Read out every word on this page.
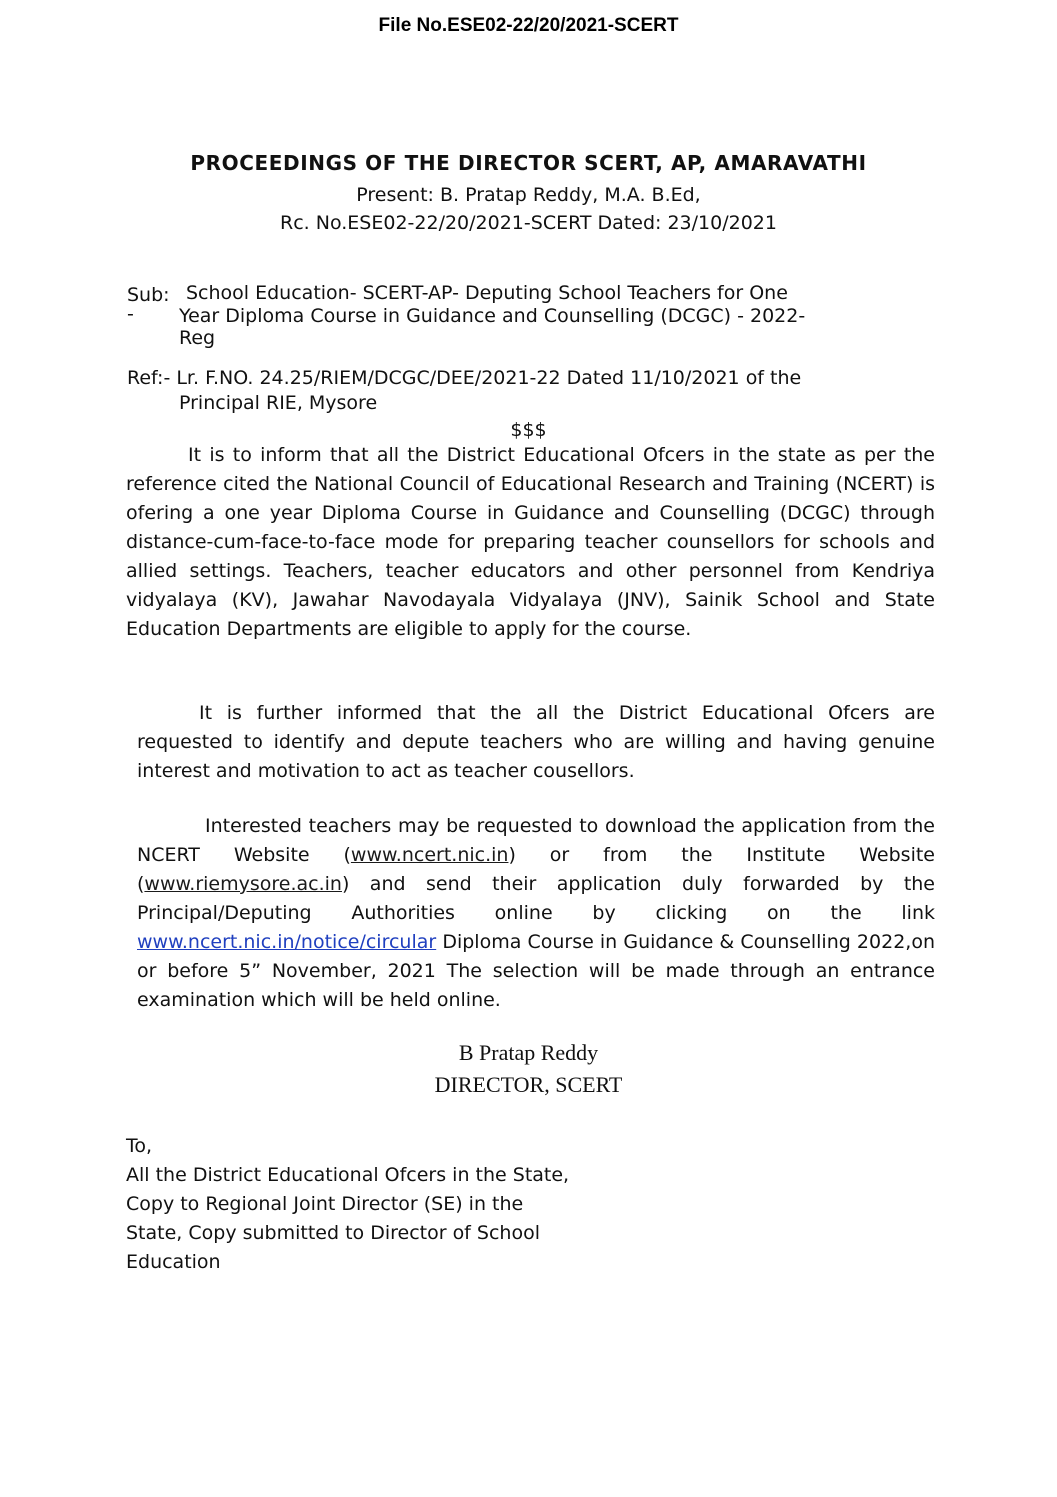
File No.ESE02-22/20/2021-SCERT
PROCEEDINGS OF THE DIRECTOR SCERT, AP, AMARAVATHI
Present: B. Pratap Reddy, M.A. B.Ed,
Rc. No.ESE02-22/20/2021-SCERT Dated: 23/10/2021
Sub:
-
School Education- SCERT-AP- Deputing School Teachers for One
Year Diploma Course in Guidance and Counselling (DCGC) - 2022-
Reg
Ref:- Lr. F.NO. 24.25/RIEM/DCGC/DEE/2021-22 Dated 11/10/2021 of the
Principal RIE, Mysore
$$$
It is to inform that all the District Educational Ofcers in the state as per the reference cited the National Council of Educational Research and Training (NCERT) is ofering a one year Diploma Course in Guidance and Counselling (DCGC) through distance-cum-face-to-face mode for preparing teacher counsellors for schools and allied settings. Teachers, teacher educators and other personnel from Kendriya vidyalaya (KV), Jawahar Navodayala Vidyalaya (JNV), Sainik School and State Education Departments are eligible to apply for the course.
It is further informed that the all the District Educational Ofcers are requested to identify and depute teachers who are willing and having genuine interest and motivation to act as teacher cousellors.
Interested teachers may be requested to download the application from the NCERT Website (www.ncert.nic.in) or from the Institute Website (www.riemysore.ac.in) and send their application duly forwarded by the Principal/Deputing Authorities online by clicking on the link www.ncert.nic.in/notice/circular Diploma Course in Guidance & Counselling 2022,on or before 5” November, 2021 The selection will be made through an entrance examination which will be held online.
B Pratap Reddy
DIRECTOR, SCERT
To,
All the District Educational Ofcers in the State,
Copy to Regional Joint Director (SE) in the
State, Copy submitted to Director of School
Education
